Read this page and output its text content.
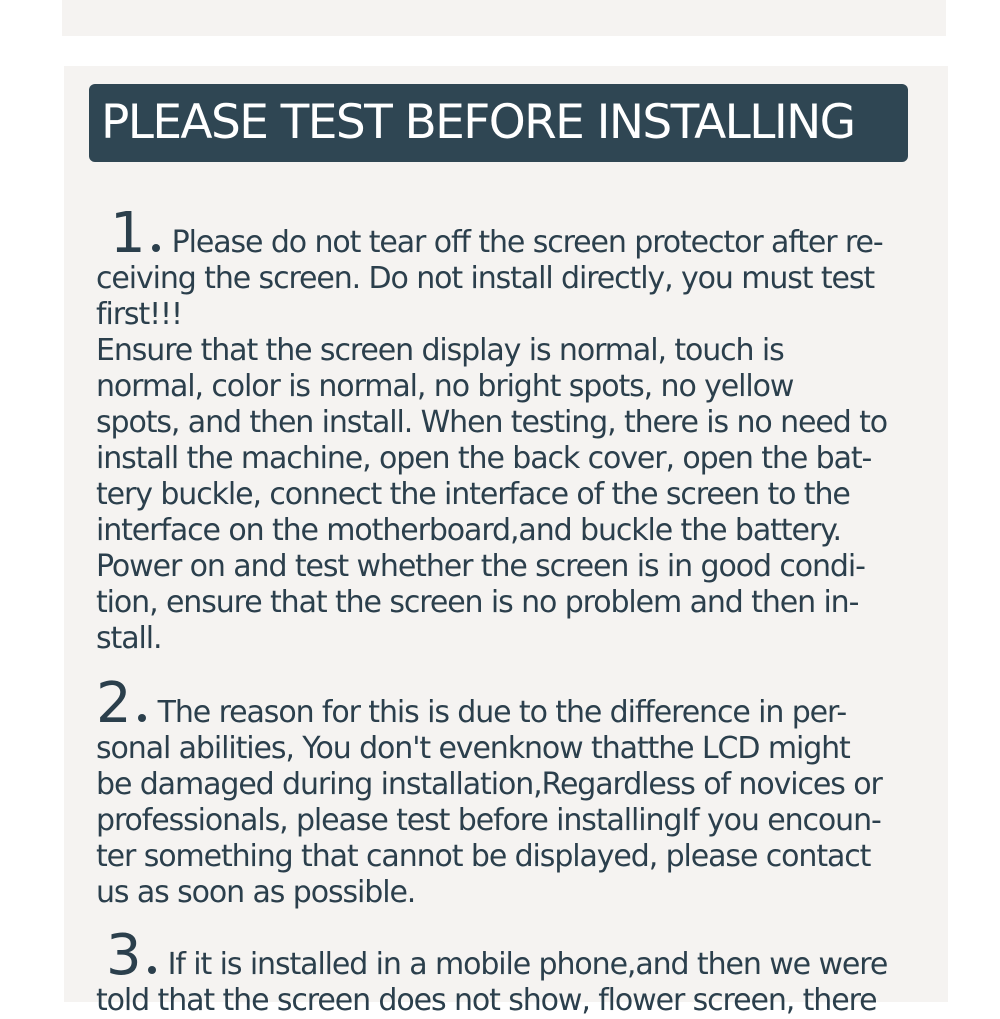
PLEASE TEST BEFORE INSTALLING
1 Please do not tear off the screen protector after re-
ceiving the screen. Do not install directly, you must test
first!!!
Ensure that the screen display is normal, touch is
normal, color is normal, no bright spots, no yellow
spots, and then install. When testing, there is no need to
install the machine, open the back cover, open the bat-
tery buckle, connect the interface of the screen to the
interface on the motherboard,and buckle the battery.
Power on and test whether the screen is in good condi-
tion, ensure that the screen is no problem and then in-
stall.
2 The reason for this is due to the difference in per-
sonal abilities, You don't evenknow thatthe LCD might
be damaged during installation,Regardless of novices or
professionals, please test before installingIf you encoun-
ter something that cannot be displayed, please contact
us as soon as possible.
3 If it is installed in a mobile phone,and then we were
told that the screen does not show, flower screen, there
